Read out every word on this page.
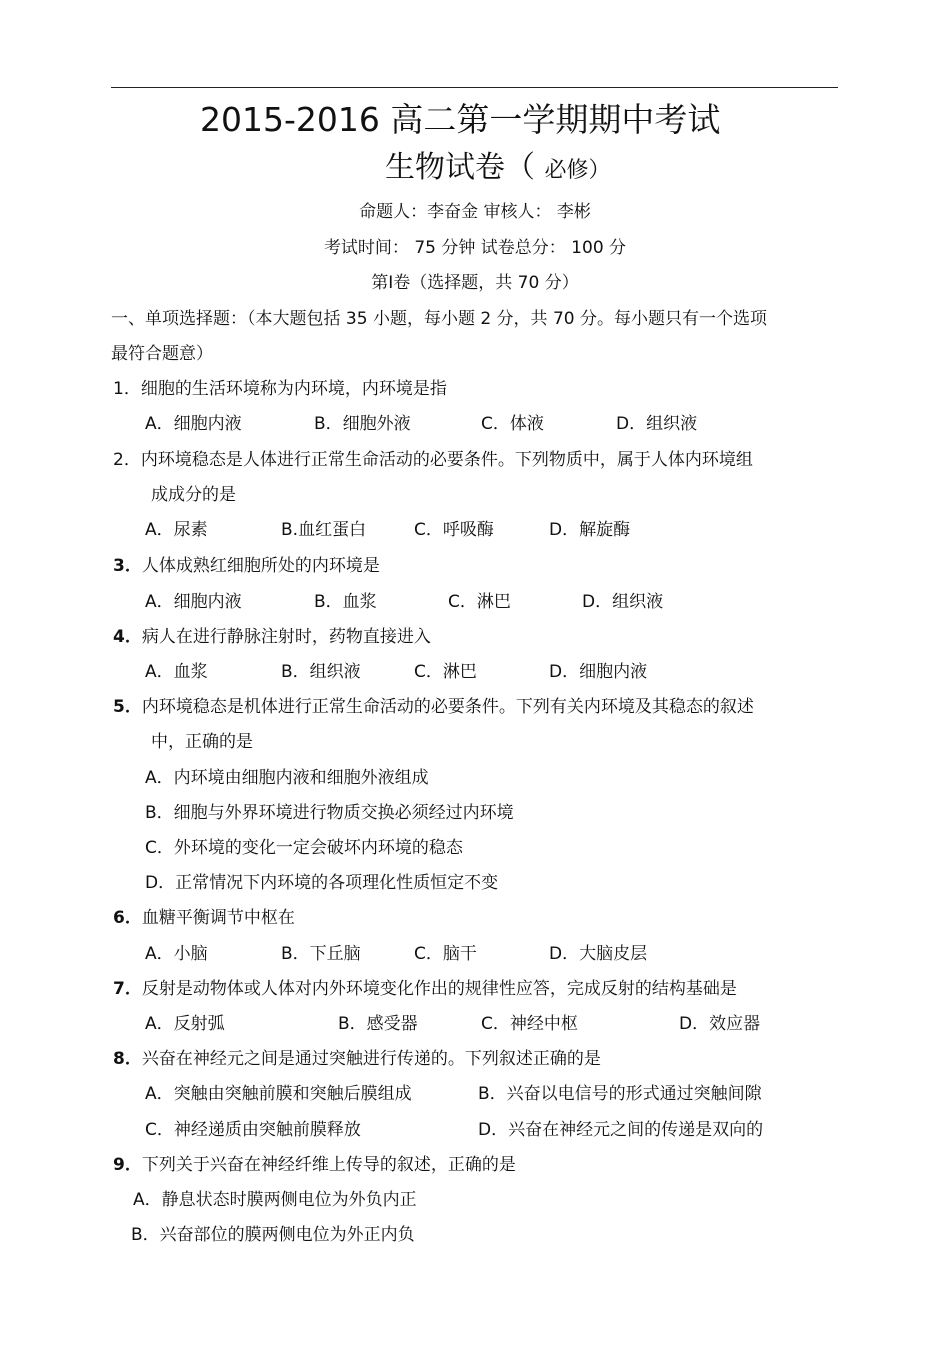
2015-2016 高二第一学期期中考试
生物试卷（ 必修）
命题人：李奋金 审核人： 李彬
考试时间： 75 分钟 试卷总分： 100 分
第Ⅰ卷（选择题，共 70 分）
一、单项选择题：（本大题包括 35 小题，每小题 2 分，共 70 分。每小题只有一个选项
最符合题意）
1．细胞的生活环境称为内环境，内环境是指
A．细胞内液	B．细胞外液	C．体液	D．组织液
2．内环境稳态是人体进行正常生命活动的必要条件。下列物质中，属于人体内环境组
成成分的是
A．尿素	B.血红蛋白	C．呼吸酶	D．解旋酶
3．人体成熟红细胞所处的内环境是
A．细胞内液	B．血浆	C．淋巴	D．组织液
4．病人在进行静脉注射时，药物直接进入
A．血浆	B．组织液	C．淋巴	D．细胞内液
5．内环境稳态是机体进行正常生命活动的必要条件。下列有关内环境及其稳态的叙述
中，正确的是
A．内环境由细胞内液和细胞外液组成
B．细胞与外界环境进行物质交换必须经过内环境
C．外环境的变化一定会破坏内环境的稳态
D．正常情况下内环境的各项理化性质恒定不变
6．血糖平衡调节中枢在
A．小脑	B．下丘脑	C．脑干	D．大脑皮层
7．反射是动物体或人体对内外环境变化作出的规律性应答，完成反射的结构基础是
A．反射弧	B．感受器	C．神经中枢	D．效应器
8．兴奋在神经元之间是通过突触进行传递的。下列叙述正确的是
A．突触由突触前膜和突触后膜组成	B．兴奋以电信号的形式通过突触间隙
C．神经递质由突触前膜释放	D．兴奋在神经元之间的传递是双向的
9．下列关于兴奋在神经纤维上传导的叙述，正确的是
A．静息状态时膜两侧电位为外负内正
B．兴奋部位的膜两侧电位为外正内负
